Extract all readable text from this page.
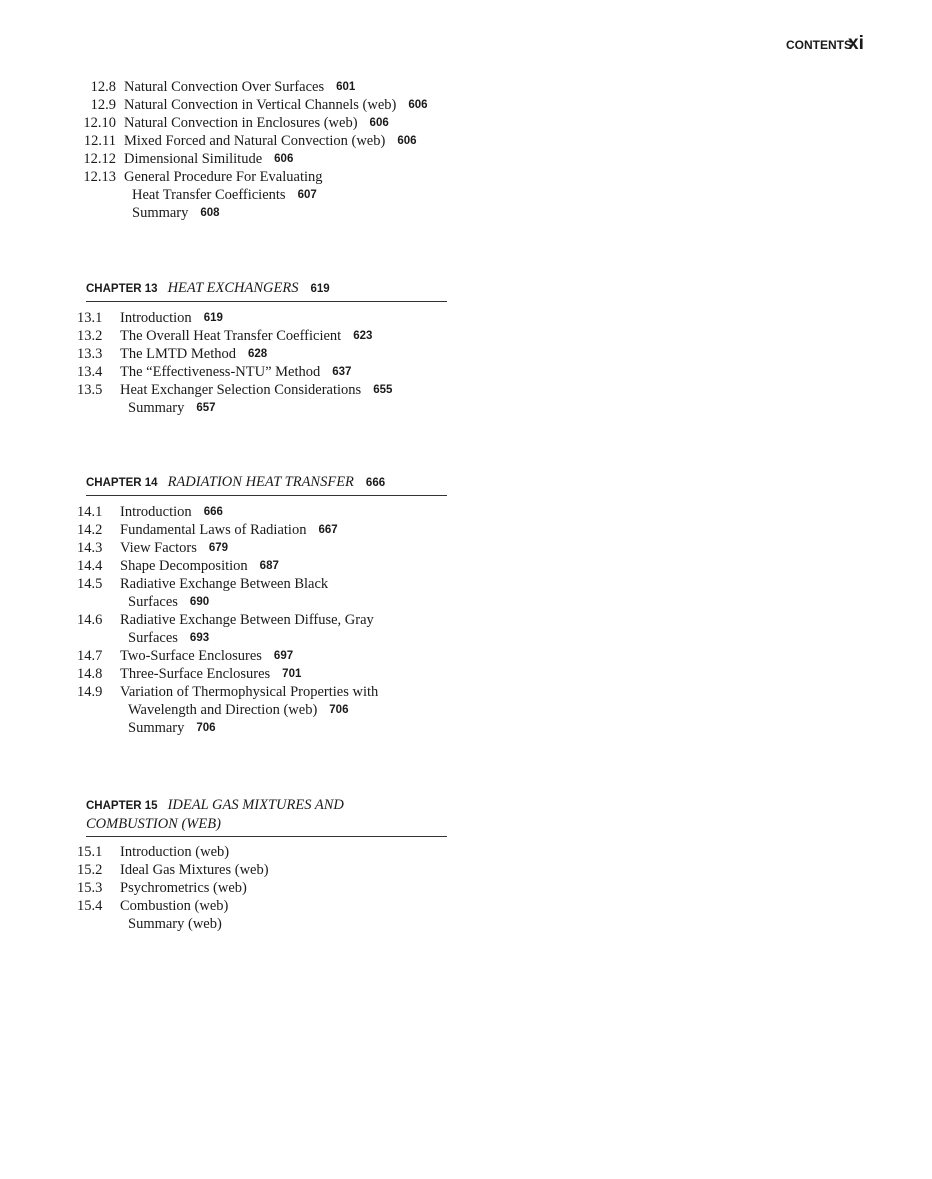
CONTENTS
xi
12.8 Natural Convection Over Surfaces 601
12.9 Natural Convection in Vertical Channels (web) 606
12.10 Natural Convection in Enclosures (web) 606
12.11 Mixed Forced and Natural Convection (web) 606
12.12 Dimensional Similitude 606
12.13 General Procedure For Evaluating
Heat Transfer Coefficients 607
Summary 608
CHAPTER 13 HEAT EXCHANGERS 619
13.1	Introduction 619
13.2	The Overall Heat Transfer Coefficient 623
13.3	The LMTD Method 628
13.4	The “Effectiveness-NTU” Method 637
13.5	Heat Exchanger Selection Considerations 655
Summary 657
CHAPTER 14 RADIATION HEAT TRANSFER 666
14.1	Introduction 666
14.2	Fundamental Laws of Radiation 667
14.3	View Factors 679
14.4	Shape Decomposition 687
14.5	Radiative Exchange Between Black
Surfaces 690
14.6	Radiative Exchange Between Diffuse, Gray
Surfaces 693
14.7	Two-Surface Enclosures 697
14.8	Three-Surface Enclosures 701
14.9	Variation of Thermophysical Properties with
Wavelength and Direction (web) 706
Summary 706
CHAPTER 15 IDEAL GAS MIXTURES AND
COMBUSTION (WEB)
15.1	Introduction (web)
15.2	Ideal Gas Mixtures (web)
15.3	Psychrometrics (web)
15.4	Combustion (web)
Summary (web)
